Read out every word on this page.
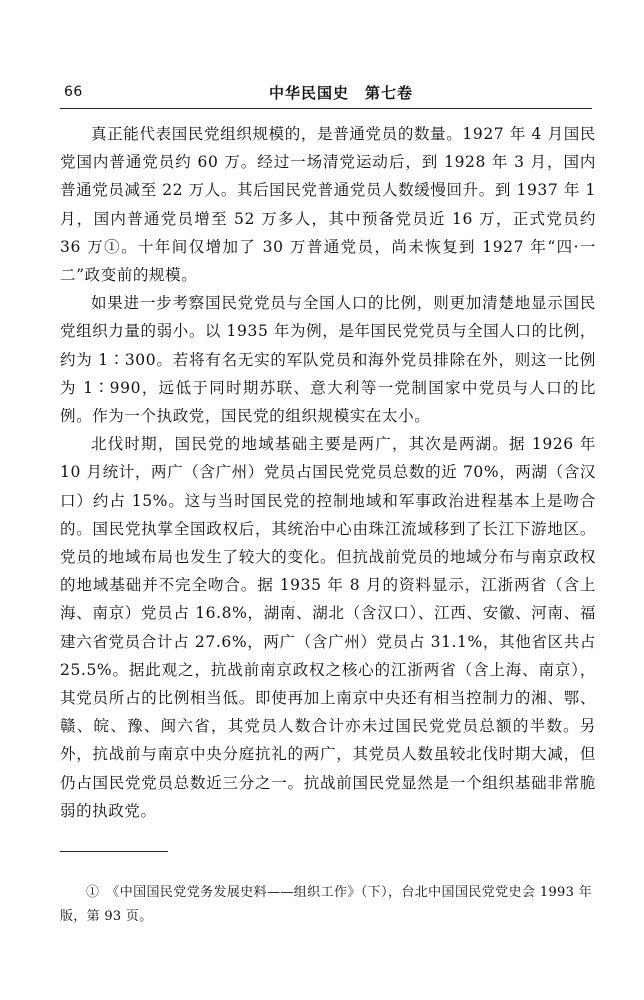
66	中华民国史　第七卷

真正能代表国民党组织规模的，是普通党员的数量。1927 年 4 月国民党国内普通党员约 60 万。经过一场清党运动后，到 1928 年 3 月，国内普通党员减至 22 万人。其后国民党普通党员人数缓慢回升。到 1937 年 1 月，国内普通党员增至 52 万多人，其中预备党员近 16 万，正式党员约 36 万①。十年间仅增加了 30 万普通党员，尚未恢复到 1927 年“四·一二”政变前的规模。

如果进一步考察国民党党员与全国人口的比例，则更加清楚地显示国民党组织力量的弱小。以 1935 年为例，是年国民党党员与全国人口的比例，约为 1∶300。若将有名无实的军队党员和海外党员排除在外，则这一比例为 1∶990，远低于同时期苏联、意大利等一党制国家中党员与人口的比例。作为一个执政党，国民党的组织规模实在太小。

北伐时期，国民党的地域基础主要是两广，其次是两湖。据 1926 年 10 月统计，两广（含广州）党员占国民党党员总数的近 70%，两湖（含汉口）约占 15%。这与当时国民党的控制地域和军事政治进程基本上是吻合的。国民党执掌全国政权后，其统治中心由珠江流域移到了长江下游地区。党员的地域布局也发生了较大的变化。但抗战前党员的地域分布与南京政权的地域基础并不完全吻合。据 1935 年 8 月的资料显示，江浙两省（含上海、南京）党员占 16.8%，湖南、湖北（含汉口）、江西、安徽、河南、福建六省党员合计占 27.6%，两广（含广州）党员占 31.1%，其他省区共占 25.5%。据此观之，抗战前南京政权之核心的江浙两省（含上海、南京），其党员所占的比例相当低。即使再加上南京中央还有相当控制力的湘、鄂、赣、皖、豫、闽六省，其党员人数合计亦未过国民党党员总额的半数。另外，抗战前与南京中央分庭抗礼的两广，其党员人数虽较北伐时期大减，但仍占国民党党员总数近三分之一。抗战前国民党显然是一个组织基础非常脆弱的执政党。

①　《中国国民党党务发展史料——组织工作》（下），台北中国国民党党史会 1993 年版，第 93 页。
